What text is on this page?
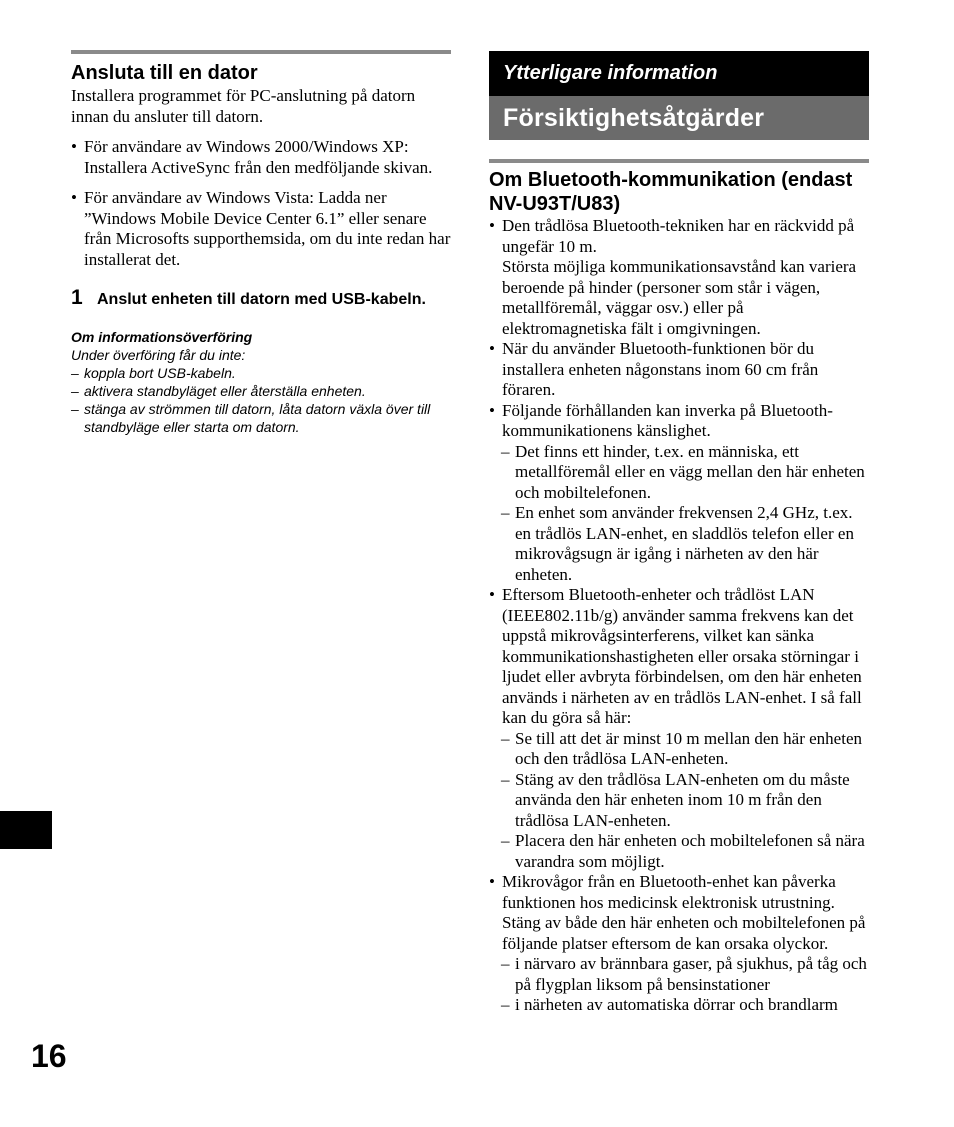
Ansluta till en dator

Installera programmet för PC-anslutning på datorn innan du ansluter till datorn.

• För användare av Windows 2000/Windows XP: Installera ActiveSync från den medföljande skivan.
• För användare av Windows Vista: Ladda ner ”Windows Mobile Device Center 6.1” eller senare från Microsofts supporthemsida, om du inte redan har installerat det.
1 Anslut enheten till datorn med USB-kabeln.
Om informationsöverföring
Under överföring får du inte:
– koppla bort USB-kabeln.
– aktivera standbyläget eller återställa enheten.
– stänga av strömmen till datorn, låta datorn växla över till standbyläge eller starta om datorn.
Ytterligare information
Försiktighetsåtgärder
Om Bluetooth-kommunikation (endast NV-U93T/U83)
• Den trådlösa Bluetooth-tekniken har en räckvidd på ungefär 10 m.
Största möjliga kommunikationsavstånd kan variera beroende på hinder (personer som står i vägen, metallföremål, väggar osv.) eller på elektromagnetiska fält i omgivningen.
• När du använder Bluetooth-funktionen bör du installera enheten någonstans inom 60 cm från föraren.
• Följande förhållanden kan inverka på Bluetooth-kommunikationens känslighet.
– Det finns ett hinder, t.ex. en människa, ett metallföremål eller en vägg mellan den här enheten och mobiltelefonen.
– En enhet som använder frekvensen 2,4 GHz, t.ex. en trådlös LAN-enhet, en sladdlös telefon eller en mikrovågsugn är igång i närheten av den här enheten.
• Eftersom Bluetooth-enheter och trådlöst LAN (IEEE802.11b/g) använder samma frekvens kan det uppstå mikrovågsinterferens, vilket kan sänka kommunikationshastigheten eller orsaka störningar i ljudet eller avbryta förbindelsen, om den här enheten används i närheten av en trådlös LAN-enhet. I så fall kan du göra så här:
– Se till att det är minst 10 m mellan den här enheten och den trådlösa LAN-enheten.
– Stäng av den trådlösa LAN-enheten om du måste använda den här enheten inom 10 m från den trådlösa LAN-enheten.
– Placera den här enheten och mobiltelefonen så nära varandra som möjligt.
• Mikrovågor från en Bluetooth-enhet kan påverka funktionen hos medicinsk elektronisk utrustning. Stäng av både den här enheten och mobiltelefonen på följande platser eftersom de kan orsaka olyckor.
– i närvaro av brännbara gaser, på sjukhus, på tåg och på flygplan liksom på bensinstationer
– i närheten av automatiska dörrar och brandlarm
16
